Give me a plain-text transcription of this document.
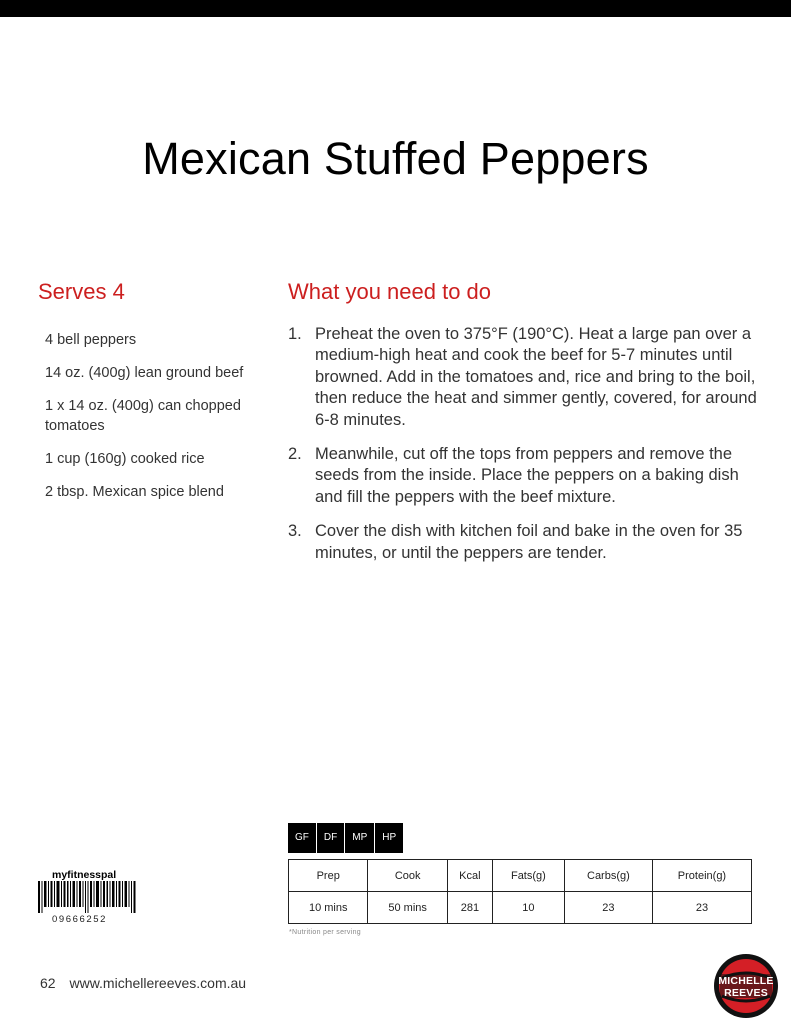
Mexican Stuffed Peppers
Serves 4
4 bell peppers
14 oz. (400g) lean ground beef
1 x 14 oz. (400g) can chopped tomatoes
1 cup (160g) cooked rice
2 tbsp. Mexican spice blend
What you need to do
1. Preheat the oven to 375°F (190°C). Heat a large pan over a medium-high heat and cook the beef for 5-7 minutes until browned. Add in the tomatoes and, rice and bring to the boil, then reduce the heat and simmer gently, covered, for around 6-8 minutes.
2. Meanwhile, cut off the tops from peppers and remove the seeds from the inside. Place the peppers on a baking dish and fill the peppers with the beef mixture.
3. Cover the dish with kitchen foil and bake in the oven for 35 minutes, or until the peppers are tender.
GF	DF	MP	HP
Prep	Cook	Kcal	Fats(g)	Carbs(g)	Protein(g)
10 mins	50 mins	281	10	23	23
*Nutrition per serving
myfitnesspal
09666252
62 www.michellereeves.com.au	MICHELLE
REEVES
